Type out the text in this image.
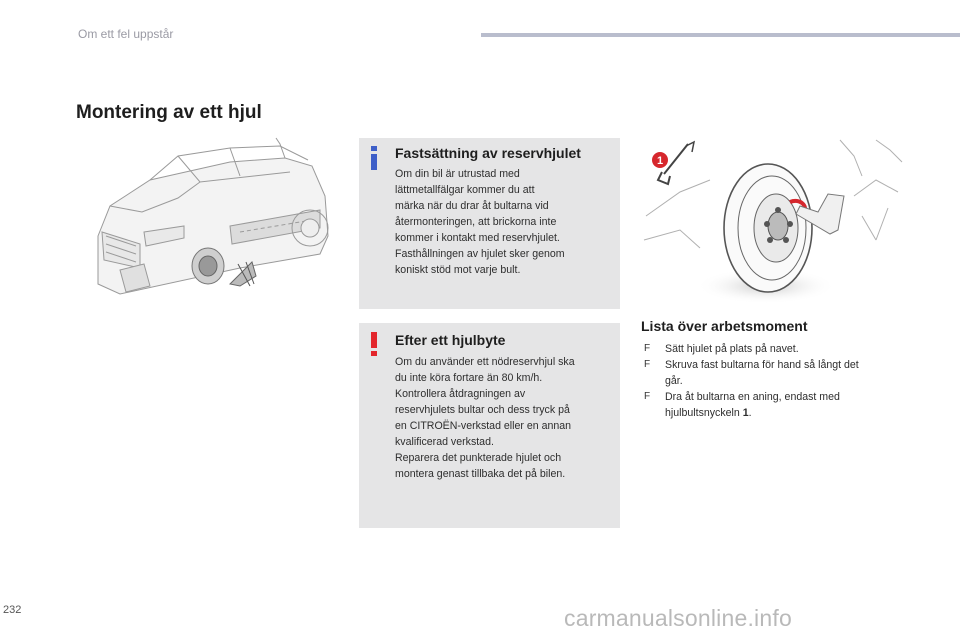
Om ett fel uppstår
Montering av ett hjul
Fastsättning av reservhjulet
Om din bil är utrustad med
lättmetallfälgar kommer du att
märka när du drar åt bultarna vid
återmonteringen, att brickorna inte
kommer i kontakt med reservhjulet.
Fasthållningen av hjulet sker genom
koniskt stöd mot varje bult.
Efter ett hjulbyte
Om du använder ett nödreservhjul ska
du inte köra fortare än 80 km/h.
Kontrollera åtdragningen av
reservhjulets bultar och dess tryck på
en CITROËN-verkstad eller en annan
kvalificerad verkstad.
Reparera det punkterade hjulet och
montera genast tillbaka det på bilen.
1
Lista över arbetsmoment
F Sätt hjulet på plats på navet.
F Skruva fast bultarna för hand så långt det
går.
F Dra åt bultarna en aning, endast med
hjulbultsnyckeln 1.
232	carmanualsonline.info
